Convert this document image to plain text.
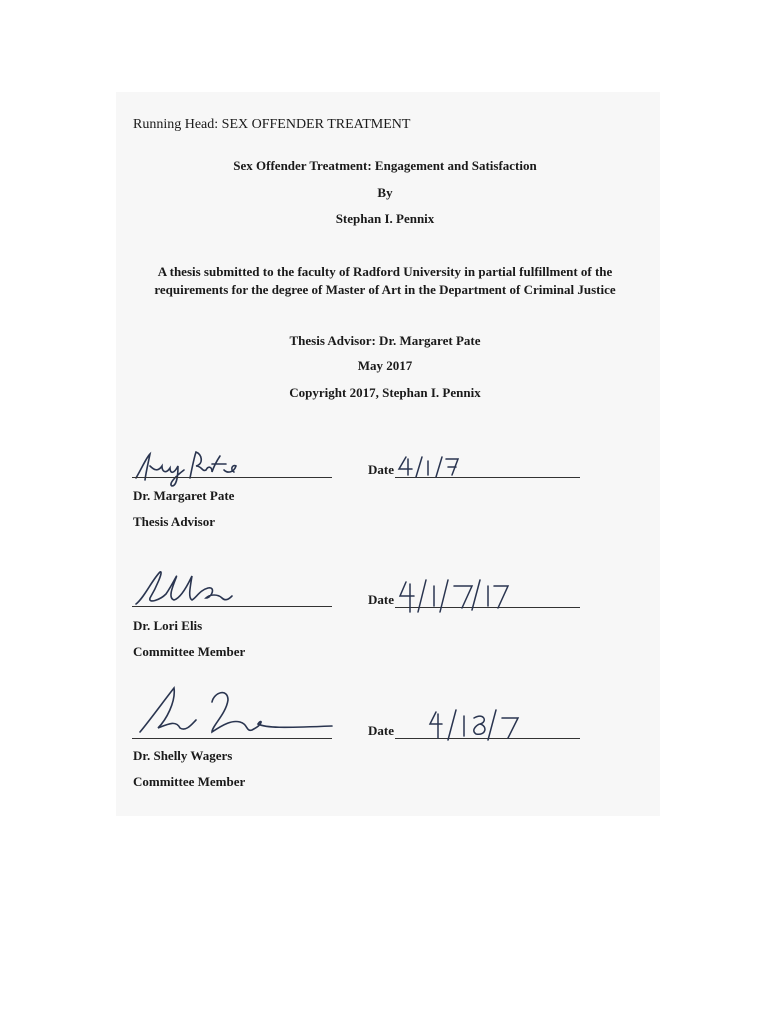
Running Head: SEX OFFENDER TREATMENT
Sex Offender Treatment: Engagement and Satisfaction
By
Stephan I. Pennix
A thesis submitted to the faculty of Radford University in partial fulfillment of the
requirements for the degree of Master of Art in the Department of Criminal Justice
Thesis Advisor: Dr. Margaret Pate
May 2017
Copyright 2017, Stephan I. Pennix
Dr. Margaret Pate
Thesis Advisor
Date
Dr. Lori Elis
Committee Member
Date
Dr. Shelly Wagers
Committee Member
Date
